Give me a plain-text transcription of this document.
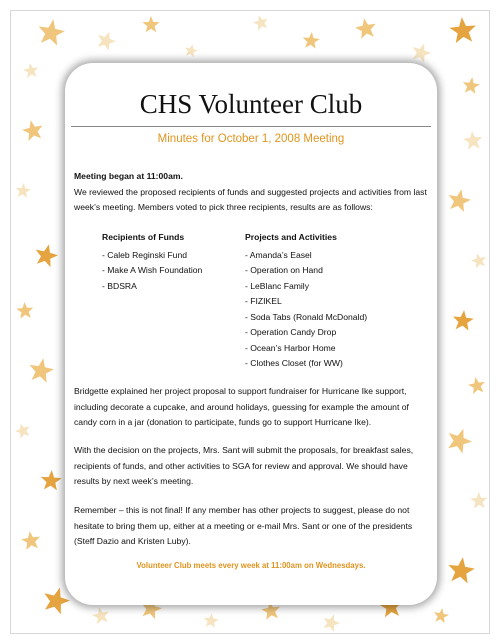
CHS Volunteer Club
Minutes for October 1, 2008 Meeting
Meeting began at 11:00am.
We reviewed the proposed recipients of funds and suggested projects and activities from last week’s meeting. Members voted to pick three recipients, results are as follows:
Recipients of Funds
- Caleb Reginski Fund
- Make A Wish Foundation
- BDSRA
Projects and Activities
- Amanda’s Easel
- Operation on Hand
- LeBlanc Family
- FIZIKEL
- Soda Tabs (Ronald McDonald)
- Operation Candy Drop
- Ocean’s Harbor Home
- Clothes Closet (for WW)
Bridgette explained her project proposal to support fundraiser for Hurricane Ike support, including decorate a cupcake, and around holidays, guessing for example the amount of candy corn in a jar (donation to participate, funds go to support Hurricane Ike).
With the decision on the projects, Mrs. Sant will submit the proposals, for breakfast sales, recipients of funds, and other activities to SGA for review and approval. We should have results by next week’s meeting.
Remember – this is not final! If any member has other projects to suggest, please do not hesitate to bring them up, either at a meeting or e-mail Mrs. Sant or one of the presidents (Steff Dazio and Kristen Luby).
Volunteer Club meets every week at 11:00am on Wednesdays.
